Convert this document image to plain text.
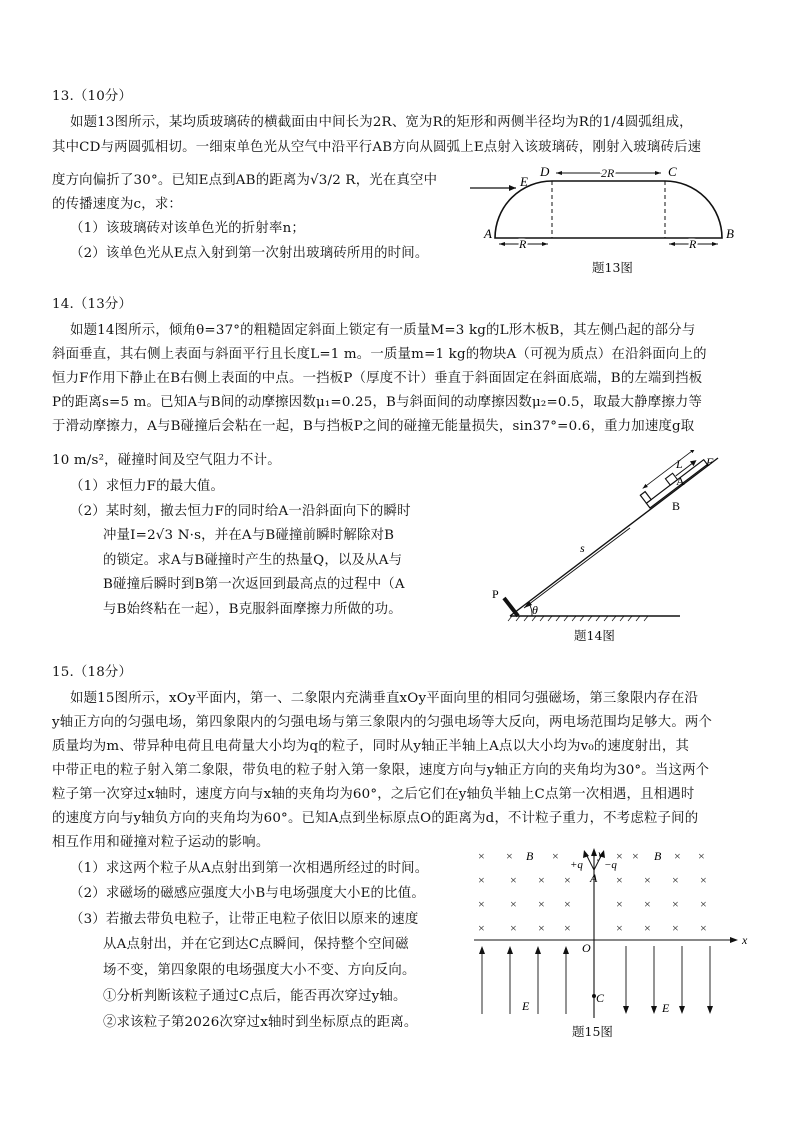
13.（10分）
如题13图所示，某均质玻璃砖的横截面由中间长为2R、宽为R的矩形和两侧半径均为R的1/4圆弧组成，
其中CD与两圆弧相切。一细束单色光从空气中沿平行AB方向从圆弧上E点射入该玻璃砖，刚射入玻璃砖后速
度方向偏折了30°。已知E点到AB的距离为√3/2 R，光在真空中
的传播速度为c，求：
（1）该玻璃砖对该单色光的折射率n；
（2）该单色光从E点入射到第一次射出玻璃砖所用的时间。
E
D	C
A	B
2R
R	R
题13图
14.（13分）
如题14图所示，倾角θ=37°的粗糙固定斜面上锁定有一质量M=3 kg的L形木板B，其左侧凸起的部分与
斜面垂直，其右侧上表面与斜面平行且长度L=1 m。一质量m=1 kg的物块A（可视为质点）在沿斜面向上的
恒力F作用下静止在B右侧上表面的中点。一挡板P（厚度不计）垂直于斜面固定在斜面底端，B的左端到挡板
P的距离s=5 m。已知A与B间的动摩擦因数μ₁=0.25，B与斜面间的动摩擦因数μ₂=0.5，取最大静摩擦力等
于滑动摩擦力，A与B碰撞后会粘在一起，B与挡板P之间的碰撞无能量损失，sin37°=0.6，重力加速度g取
10 m/s²，碰撞时间及空气阻力不计。
（1）求恒力F的最大值。
（2）某时刻，撤去恒力F的同时给A一沿斜面向下的瞬时
冲量I=2√3 N·s，并在A与B碰撞前瞬时解除对B
的锁定。求A与B碰撞时产生的热量Q，以及从A与
B碰撞后瞬时到B第一次返回到最高点的过程中（A
与B始终粘在一起），B克服斜面摩擦力所做的功。
L
A
F
B
s
P
θ
题14图
15.（18分）
如题15图所示，xOy平面内，第一、二象限内充满垂直xOy平面向里的相同匀强磁场，第三象限内存在沿
y轴正方向的匀强电场，第四象限内的匀强电场与第三象限内的匀强电场等大反向，两电场范围均足够大。两个
质量均为m、带异种电荷且电荷量大小均为q的粒子，同时从y轴正半轴上A点以大小均为v₀的速度射出，其
中带正电的粒子射入第二象限，带负电的粒子射入第一象限，速度方向与y轴正方向的夹角均为30°。当这两个
粒子第一次穿过x轴时，速度方向与x轴的夹角均为60°，之后它们在y轴负半轴上C点第一次相遇，且相遇时
的速度方向与y轴负方向的夹角均为60°。已知A点到坐标原点O的距离为d，不计粒子重力，不考虑粒子间的
相互作用和碰撞对粒子运动的影响。
（1）求这两个粒子从A点射出到第一次相遇所经过的时间。
（2）求磁场的磁感应强度大小B与电场强度大小E的比值。
（3）若撤去带负电粒子，让带正电粒子依旧以原来的速度
从A点射出，并在它到达C点瞬间，保持整个空间磁
场不变，第四象限的电场强度大小不变、方向反向。
①分析判断该粒子通过C点后，能否再次穿过y轴。
②求该粒子第2026次穿过x轴时到坐标原点的距离。
× ×	×	× ×
× × × ×	× × × ×
× × × ×	× × × ×
× × × ×	× × × ×
×	×
y
x
O
A
C
B	B
+q −q
E	E
题15图
